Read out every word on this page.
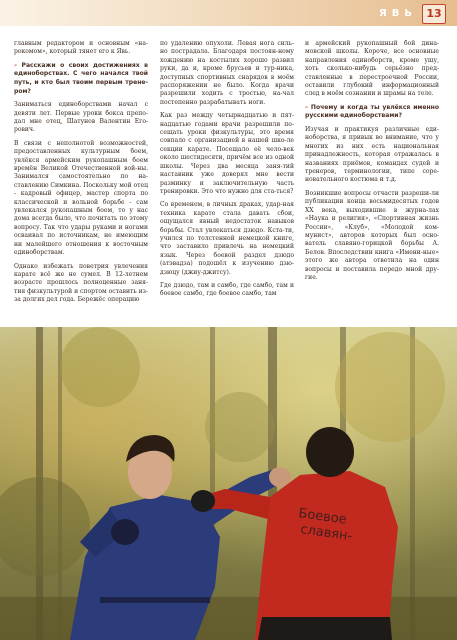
ЯВЬ 13

главным редактором и основным «на-рокомом», который тянет его к Явь.

– Расскажи о своих достижениях в единоборствах. С чего начался твой путь, и кто был твоим первым трене-ром?

Заниматься единоборствами начал с девяти лет. Первые уроки бокса препо-дал мне отец, Шатунов Валентин Его-рович.

В связи с неполнотой возможностей, предоставленных культурным боем, увлёкся армейским рукопашным боем времён Великой Отечественной вой-ны. Занимался самостоятельно по на-ставлению Симкина. Поскольку мой отец - кадровый офицер, мастер спорта по классической и вольной борьбе - сам увлекался рукопашным боем, то у нас дома всегда было, что почитать по этому вопросу. Так что удары руками и ногами осваивал по источникам, не имеющим ни малейшего отношения к восточным единоборствам.

Однако избежать поветрия увлечения карате всё же не сумел. В 12-летнем возрасте прошлось полноценные заня-тия физкультурой и спортом оставить из-за долгих дел года. Бережёс операцию

по удалению опухоли. Левая нога силь-но пострадала. Благодаря постоян-ному хождению на костылях хорошо развил руки, да и, кроме брусьев и тур-ника, доступных спортивных снарядов в моём распоряжении не было. Когда врачи разрешили ходить с тростью, на-чал постепенно разрабатывать ноги.

Как раз между четырнадцатью и пят-надцатью годами врачи разрешили по-сещать уроки физкультуры, это время совпало с организацией в нашей шко-ле секции карате. Посещало её чело-век около шестидесяти, причём все из одной школы. Через два месяца заня-тий наставник уже доверял мне вести разминку и заключительную часть тренировки. Это что нужно для ста-ться?

Со временем, в личных драках, удар-ная техника карате стала давать сбои, ощущался явный недостаток навыков борьбы. Стал увлекаться дзюдо. Кста-ти, учился по толстенной немецкой книге, что заставило привлечь на немецкий язык. Через боевой раздел дзюдо (атэвадза) подошёл к изучению дзю-дзюцу (джиу-джитсу).

Где дзюдо, там и самбо, где самбо, там и боевое самбо, где боевое самбо, там

и армейский рукопашный бой дина-мовской школы. Короче, все основные направления единоборств, кроме ушу, хоть сколько-нибудь серьёзно пред-ставленные в перестроечной России, оставили глубокий информационный след в моём сознании и шрамы на теле.

– Почему и когда ты увлёкся именно русскими единоборствами?

Изучая и практикуя различные еди-ноборства, я привык во внимание, что у многих из них есть национальная принадлежность, которая отражалась в названиях приёмов, командах судей и тренеров, терминологии, типе соре-новательного костюма и т.д.

Возникшие вопросы отчасти разреши-ли публикации конца восьмидесятых годов XX века, выходившие в журна-лах «Наука и религия», «Спортивная жизнь России», «Клуб», «Молодой ком-мунист», авторов которых был осно-ватель славяно-горицкой борьбы А. Белов. Впоследствии книга «Имени-ные» этого же автора ответила на один вопросы и поставила передо мной дру-гие.

Боевое
славян-
